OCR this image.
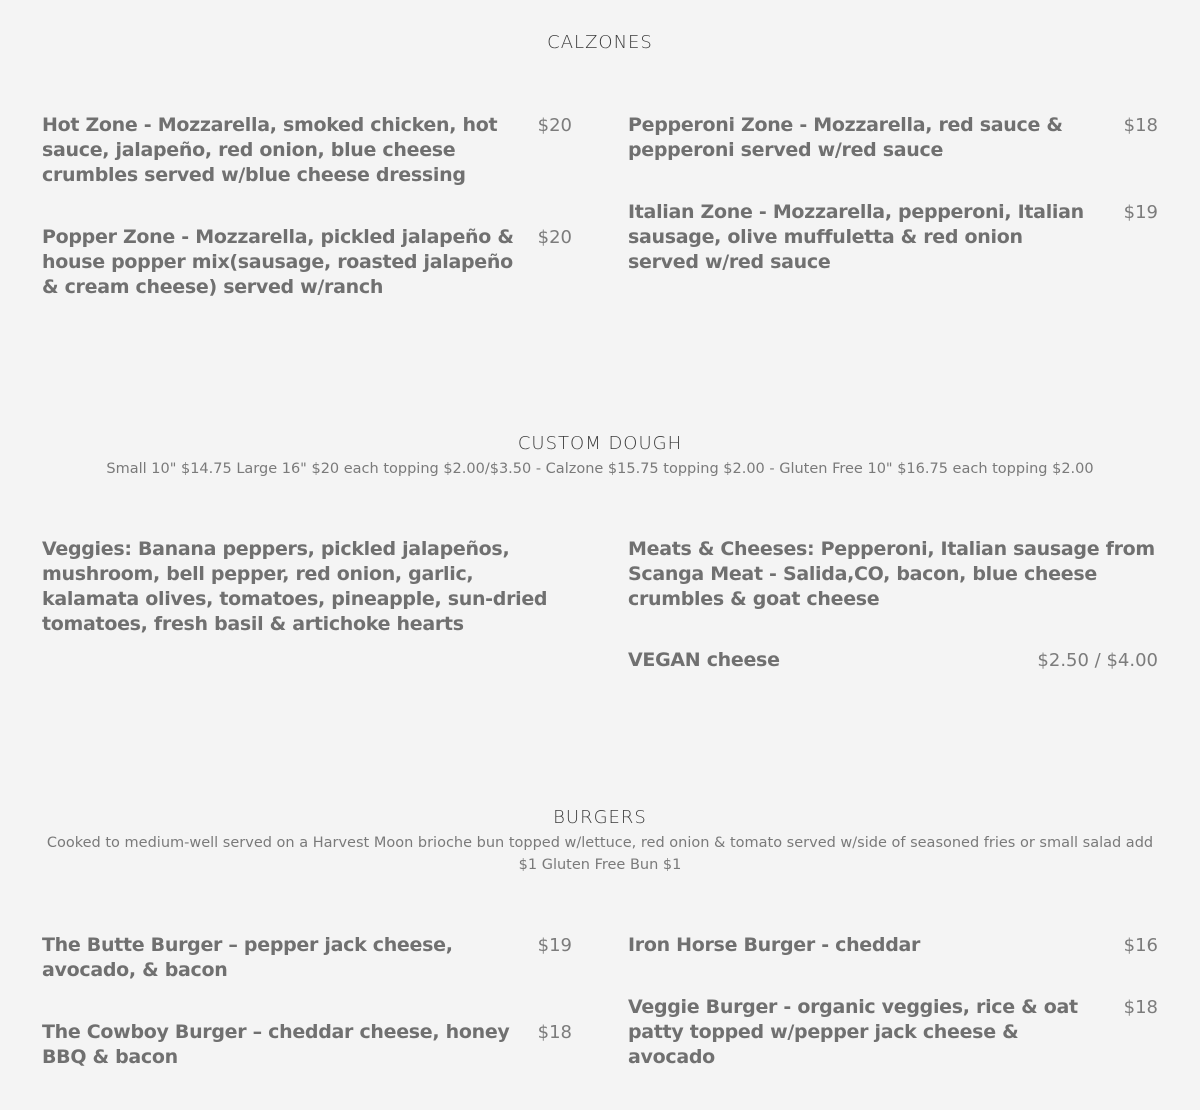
CALZONES
Hot Zone - Mozzarella, smoked chicken, hot sauce, jalapeño, red onion, blue cheese crumbles served w/blue cheese dressing
$20
Popper Zone - Mozzarella, pickled jalapeño & house popper mix(sausage, roasted jalapeño & cream cheese) served w/ranch
$20
Pepperoni Zone - Mozzarella, red sauce & pepperoni served w/red sauce
$18
Italian Zone - Mozzarella, pepperoni, Italian sausage, olive muffuletta & red onion served w/red sauce
$19
CUSTOM DOUGH
Small 10" $14.75 Large 16" $20 each topping $2.00/$3.50 - Calzone $15.75 topping $2.00 - Gluten Free 10" $16.75 each topping $2.00
Veggies: Banana peppers, pickled jalapeños, mushroom, bell pepper, red onion, garlic, kalamata olives, tomatoes, pineapple, sun-dried tomatoes, fresh basil & artichoke hearts
Meats & Cheeses: Pepperoni, Italian sausage from Scanga Meat - Salida,CO, bacon, blue cheese crumbles & goat cheese
VEGAN cheese	$2.50 / $4.00
BURGERS
Cooked to medium-well served on a Harvest Moon brioche bun topped w/lettuce, red onion & tomato served w/side of seasoned fries or small salad add $1 Gluten Free Bun $1
The Butte Burger – pepper jack cheese, avocado, & bacon
$19
The Cowboy Burger – cheddar cheese, honey BBQ & bacon
$18
Iron Horse Burger - cheddar	$16
Veggie Burger - organic veggies, rice & oat patty topped w/pepper jack cheese & avocado
$18
